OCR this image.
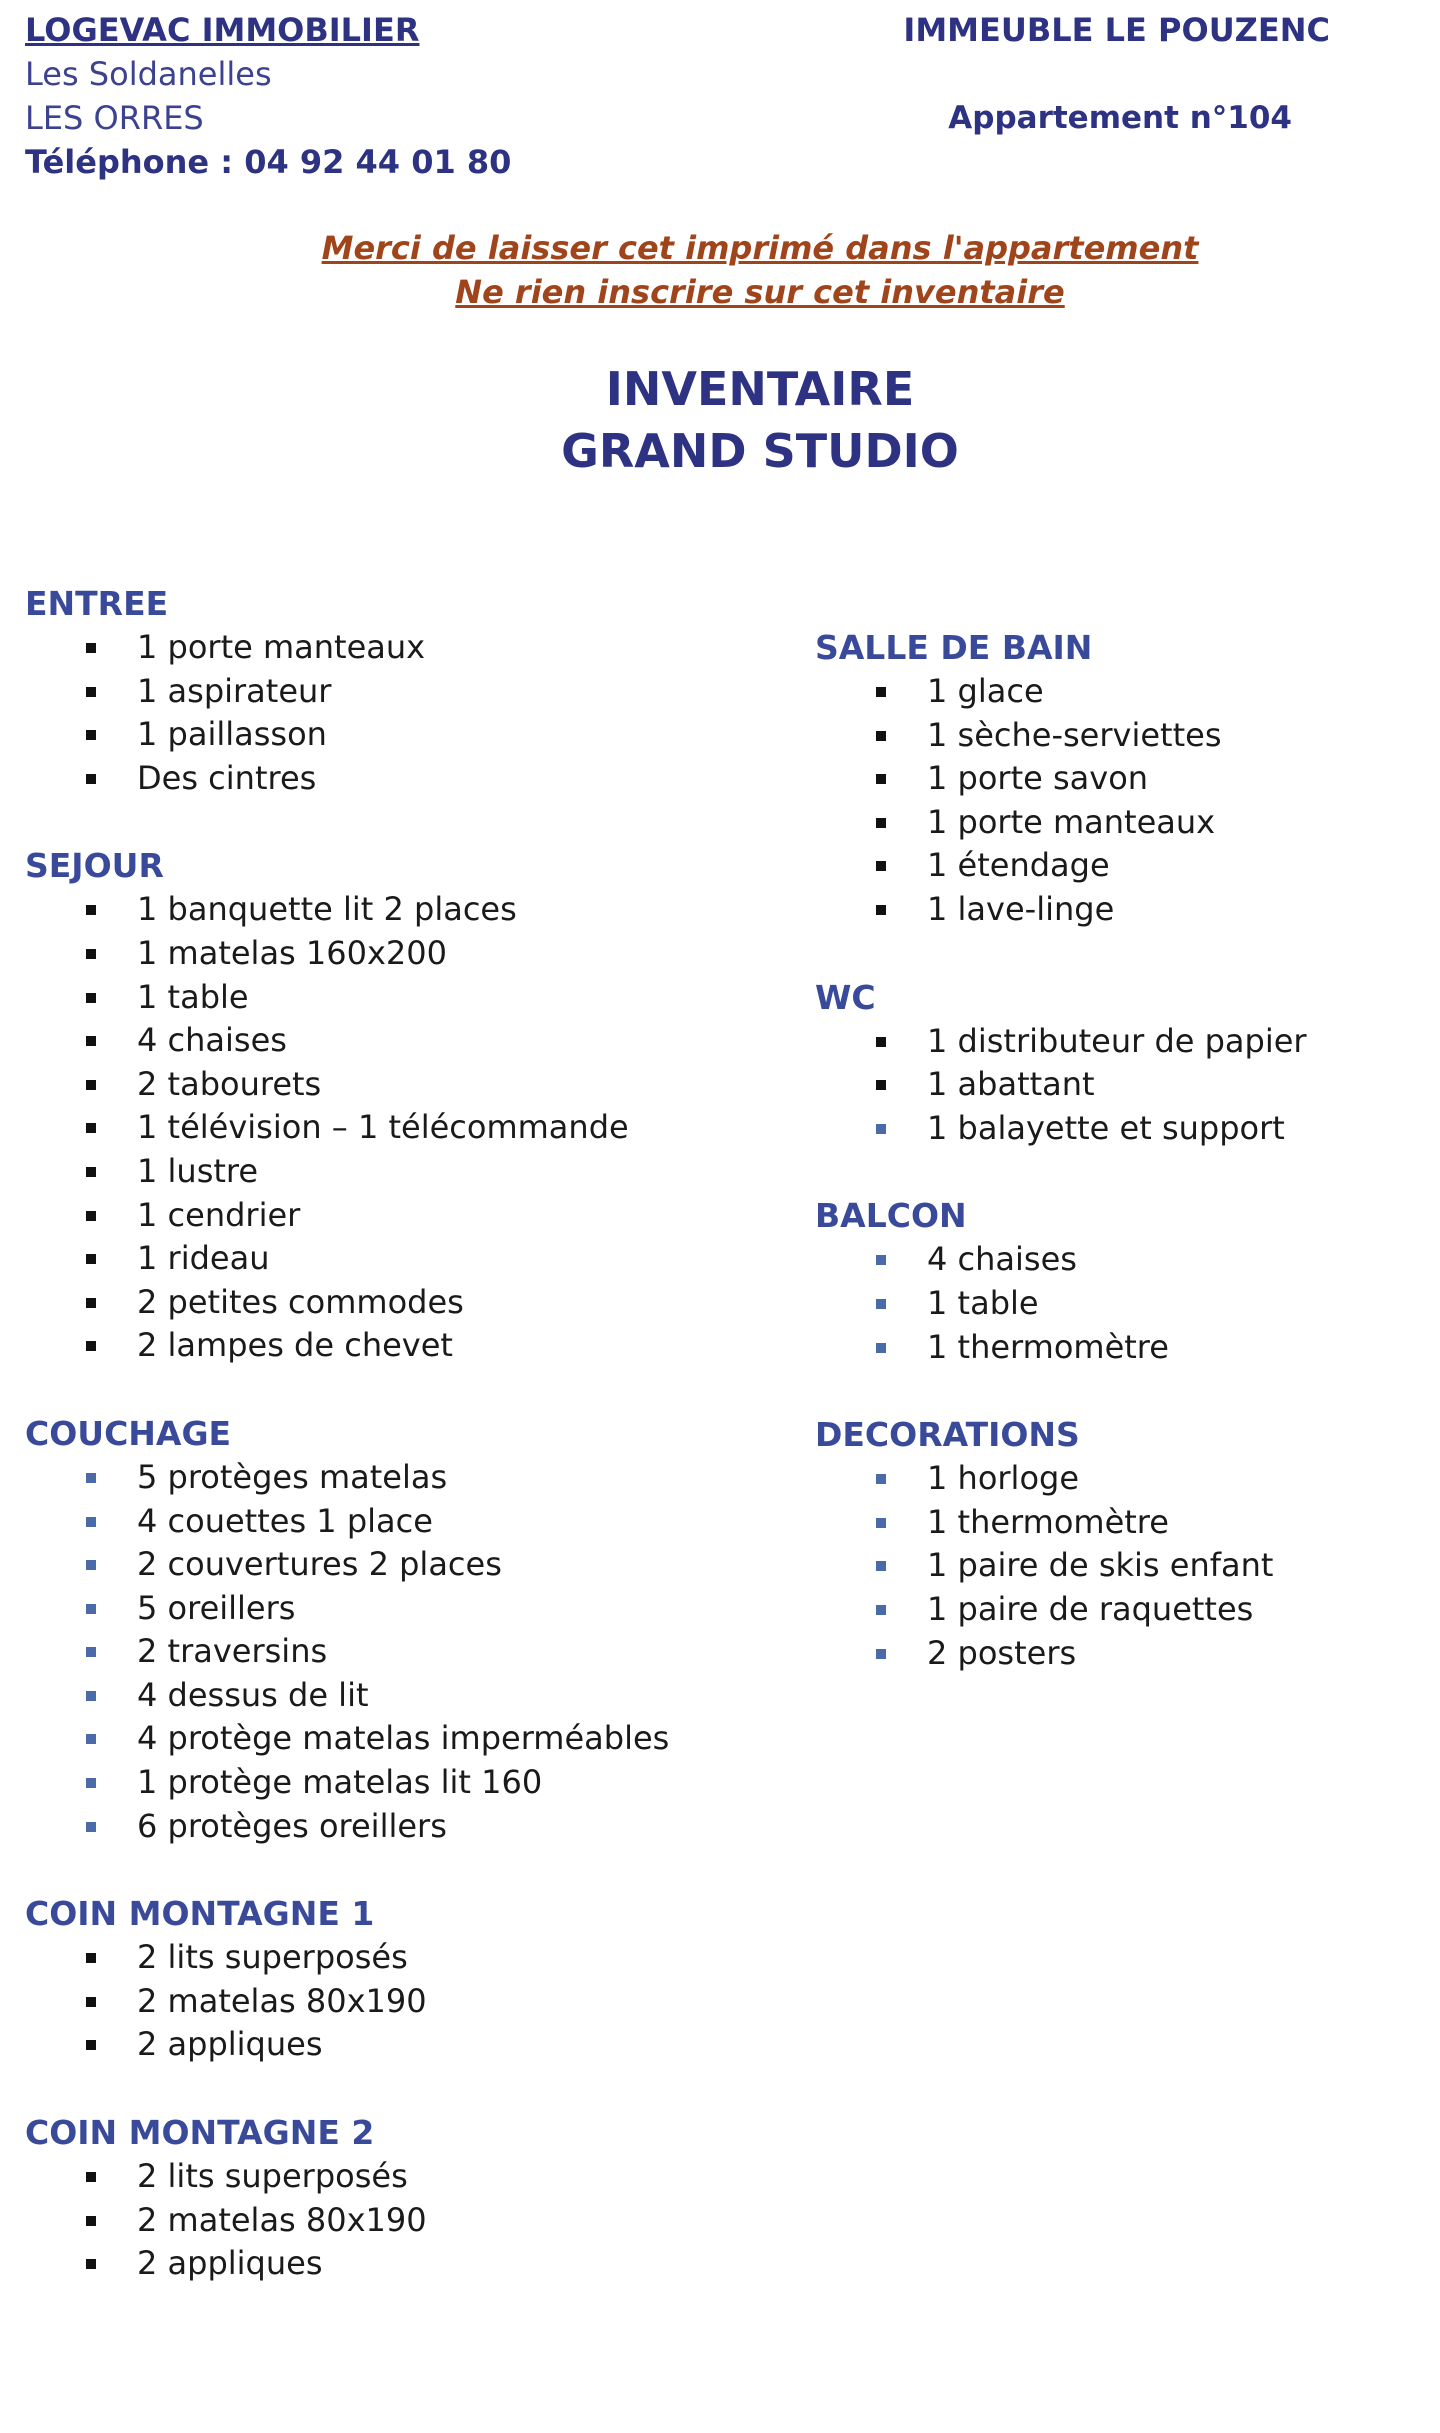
LOGEVAC IMMOBILIER
Les Soldanelles
LES ORRES
Téléphone : 04 92 44 01 80
IMMEUBLE LE POUZENC
Appartement n°104
Merci de laisser cet imprimé dans l'appartement
Ne rien inscrire sur cet inventaire
INVENTAIRE
GRAND STUDIO
ENTREE
1 porte manteaux
1 aspirateur
1 paillasson
Des cintres
SEJOUR
1 banquette lit 2 places
1 matelas 160x200
1 table
4 chaises
2 tabourets
1 télévision – 1 télécommande
1 lustre
1 cendrier
1 rideau
2 petites commodes
2 lampes de chevet
COUCHAGE
5 protèges matelas
4 couettes 1 place
2 couvertures 2 places
5 oreillers
2 traversins
4 dessus de lit
4 protège matelas imperméables
1 protège matelas lit 160
6 protèges oreillers
COIN MONTAGNE 1
2 lits superposés
2 matelas 80x190
2 appliques
COIN MONTAGNE 2
2 lits superposés
2 matelas 80x190
2 appliques
SALLE DE BAIN
1 glace
1 sèche-serviettes
1 porte savon
1 porte manteaux
1 étendage
1 lave-linge
WC
1 distributeur de papier
1 abattant
1 balayette et support
BALCON
4 chaises
1 table
1 thermomètre
DECORATIONS
1 horloge
1 thermomètre
1 paire de skis enfant
1 paire de raquettes
2 posters
